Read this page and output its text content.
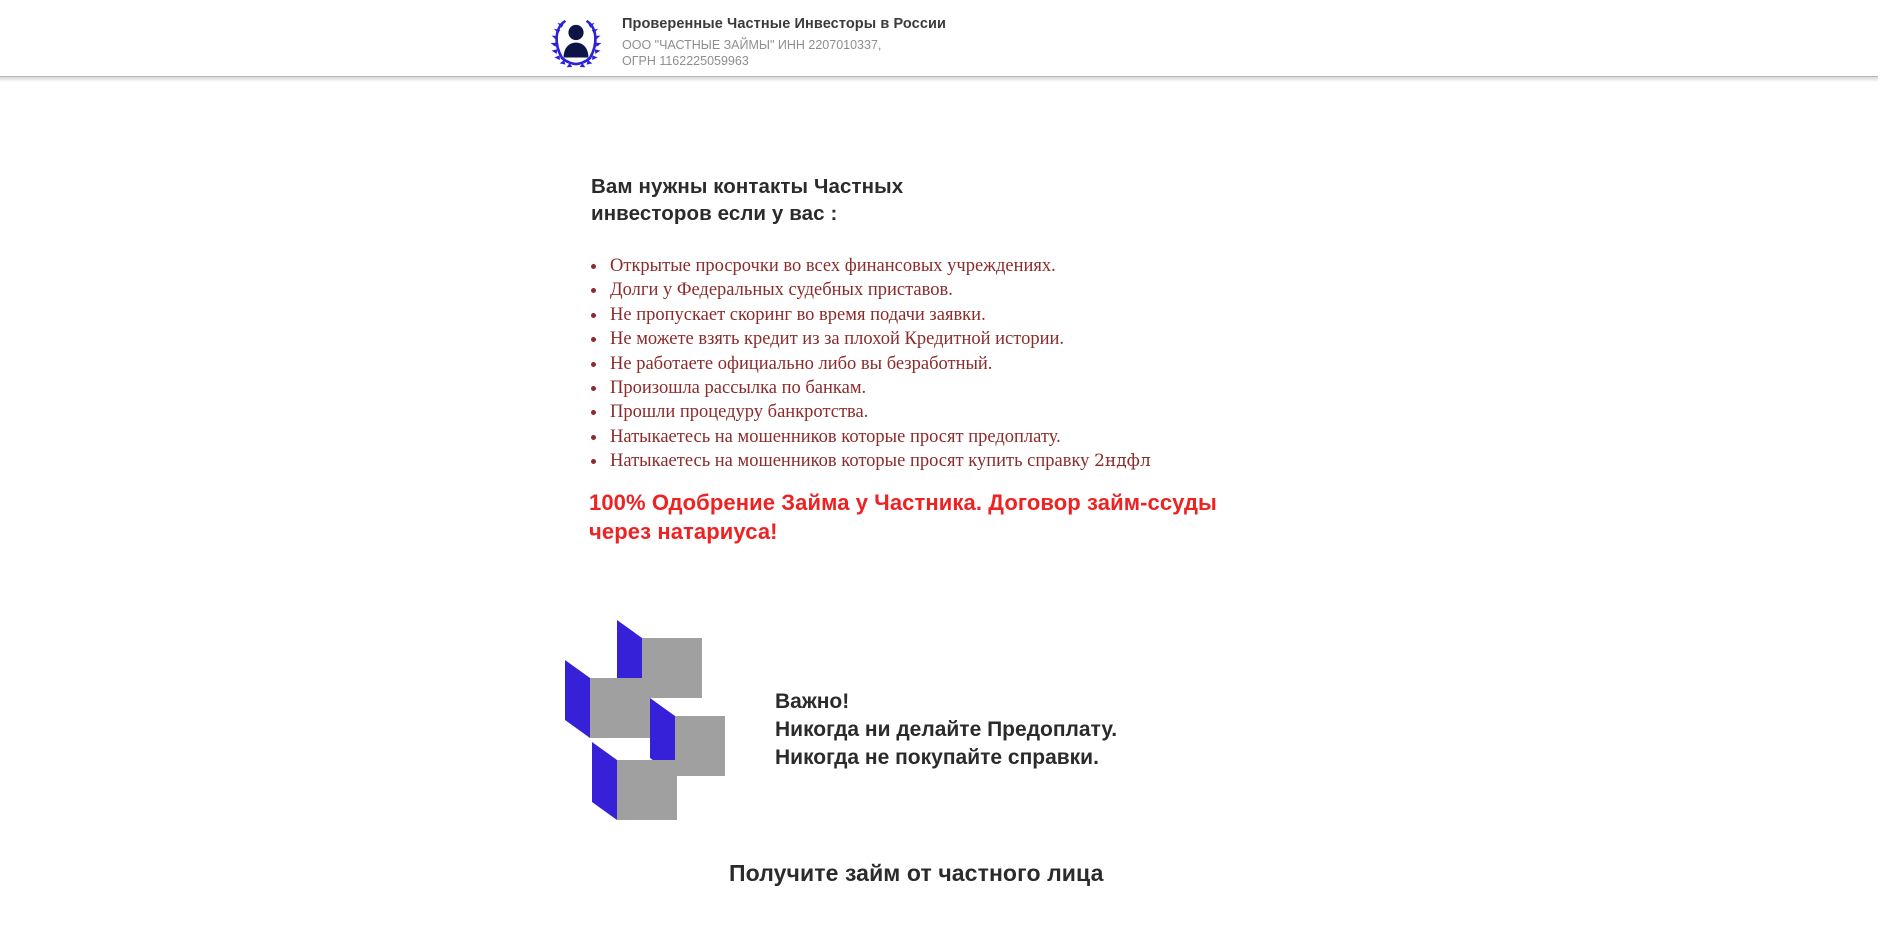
Проверенные Частные Инвесторы в России
ООО "ЧАСТНЫЕ ЗАЙМЫ" ИНН 2207010337,
ОГРН 1162225059963
Вам нужны контакты Частных
инвесторов если у вас :
Открытые просрочки во всех финансовых учреждениях.
Долги у Федеральных судебных приставов.
Не пропускает скоринг во время подачи заявки.
Не можете взять кредит из за плохой Кредитной истории.
Не работаете официально либо вы безработный.
Произошла рассылка по банкам.
Прошли процедуру банкротства.
Натыкаетесь на мошенников которые просят предоплату.
Натыкаетесь на мошенников которые просят купить справку 2ндфл

100% Одобрение Займа у Частника. Договор займ-ссуды
через натариуса!

Важно!
Никогда ни делайте Предоплату.
Никогда не покупайте справки.

Получите займ от частного лица
